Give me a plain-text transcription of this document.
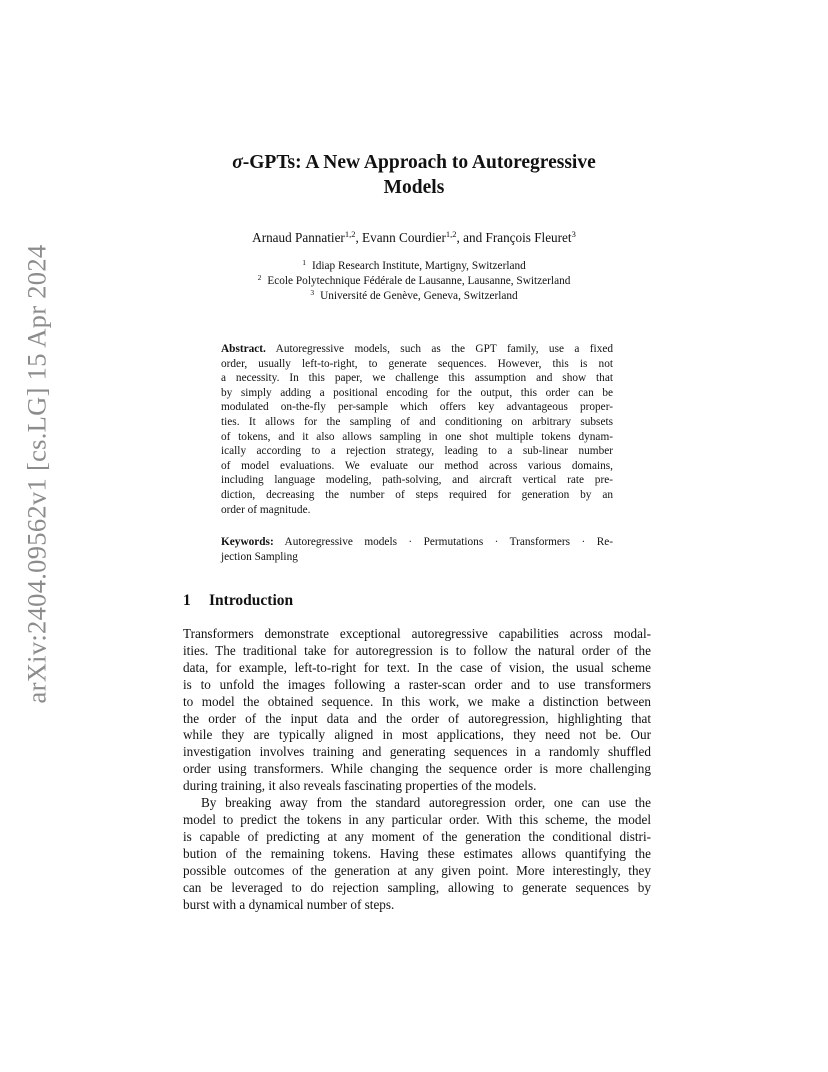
arXiv:2404.09562v1 [cs.LG] 15 Apr 2024
σ-GPTs: A New Approach to Autoregressive
Models
Arnaud Pannatier$^{1,2}$, Evann Courdier$^{1,2}$, and François Fleuret$^3$
$^1$ Idiap Research Institute, Martigny, Switzerland
$^2$ Ecole Polytechnique Fédérale de Lausanne, Lausanne, Switzerland
$^3$ Université de Genève, Geneva, Switzerland
Abstract. Autoregressive models, such as the GPT family, use a fixed
order, usually left-to-right, to generate sequences. However, this is not
a necessity. In this paper, we challenge this assumption and show that
by simply adding a positional encoding for the output, this order can be
modulated on-the-fly per-sample which offers key advantageous proper-
ties. It allows for the sampling of and conditioning on arbitrary subsets
of tokens, and it also allows sampling in one shot multiple tokens dynam-
ically according to a rejection strategy, leading to a sub-linear number
of model evaluations. We evaluate our method across various domains,
including language modeling, path-solving, and aircraft vertical rate pre-
diction, decreasing the number of steps required for generation by an
order of magnitude.
Keywords: Autoregressive models · Permutations · Transformers · Re-
jection Sampling
1 Introduction
Transformers demonstrate exceptional autoregressive capabilities across modal-
ities. The traditional take for autoregression is to follow the natural order of the
data, for example, left-to-right for text. In the case of vision, the usual scheme
is to unfold the images following a raster-scan order and to use transformers
to model the obtained sequence. In this work, we make a distinction between
the order of the input data and the order of autoregression, highlighting that
while they are typically aligned in most applications, they need not be. Our
investigation involves training and generating sequences in a randomly shuffled
order using transformers. While changing the sequence order is more challenging
during training, it also reveals fascinating properties of the models.
By breaking away from the standard autoregression order, one can use the
model to predict the tokens in any particular order. With this scheme, the model
is capable of predicting at any moment of the generation the conditional distri-
bution of the remaining tokens. Having these estimates allows quantifying the
possible outcomes of the generation at any given point. More interestingly, they
can be leveraged to do rejection sampling, allowing to generate sequences by
burst with a dynamical number of steps.
